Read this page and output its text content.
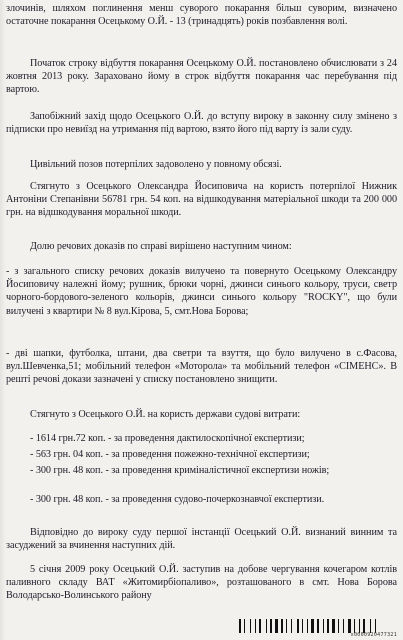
злочинів, шляхом поглинення менш суворого покарання більш суворим, визначено остаточне покарання Осецькому О.Й. - 13 (тринадцять) років позбавлення волі.

Початок строку відбуття покарання Осецькому О.Й. постановлено обчислювати з 24 жовтня 2013 року. Зараховано йому в строк відбуття покарання час перебування під вартою.

Запобіжний захід щодо Осецького О.Й. до вступу вироку в законну силу змінено з підписки про невиїзд на утримання під вартою, взято його під варту із зали суду.

Цивільний позов потерпілих задоволено у повному обсязі.

Стягнуто з Осецького Олександра Йосиповича на користь потерпілої Нижник Антоніни Степанівни 56781 грн. 54 коп. на відшкодування матеріальної шкоди та 200 000 грн. на відшкодування моральної шкоди.

Долю речових доказів по справі вирішено наступним чином:

- з загального списку речових доказів вилучено та повернуто Осецькому Олександру Йосиповичу належні йому; рушник, брюки чорні, джинси синього кольору, труси, светр чорного-бордового-зеленого кольорів, джинси синього кольору "ROCKY", що були вилучені з квартири № 8 вул.Кірова, 5, смт.Нова Борова;

- дві шапки, футболка, штани, два светри та взуття, що було вилучено в с.Фасова, вул.Шевченка,51; мобільний телефон «Моторола» та мобільний телефон «СІМЕНС». В решті речові докази зазначені у списку постановлено знищити.

Стягнуто з Осецького О.Й. на користь держави судові витрати:

- 1614 грн.72 коп. - за проведення дактилоскопічної експертизи;

- 563 грн. 04 коп. - за проведення пожежно-технічної експертизи;

- 300 грн. 48 коп. - за проведення криміналістичної експертизи ножів;

- 300 грн. 48 коп. - за проведення судово-почеркознавчої експертизи.

Відповідно до вироку суду першої інстанції Осецький О.Й. визнаний винним та засуджений за вчинення наступних дій.

5 січня 2009 року Осецький О.Й. заступив на добове чергування кочегаром котлів паливного складу ВАТ «Житомирбіопаливо», розташованого в смт. Нова Борова Володарсько-Волинського району

x0000920477321
